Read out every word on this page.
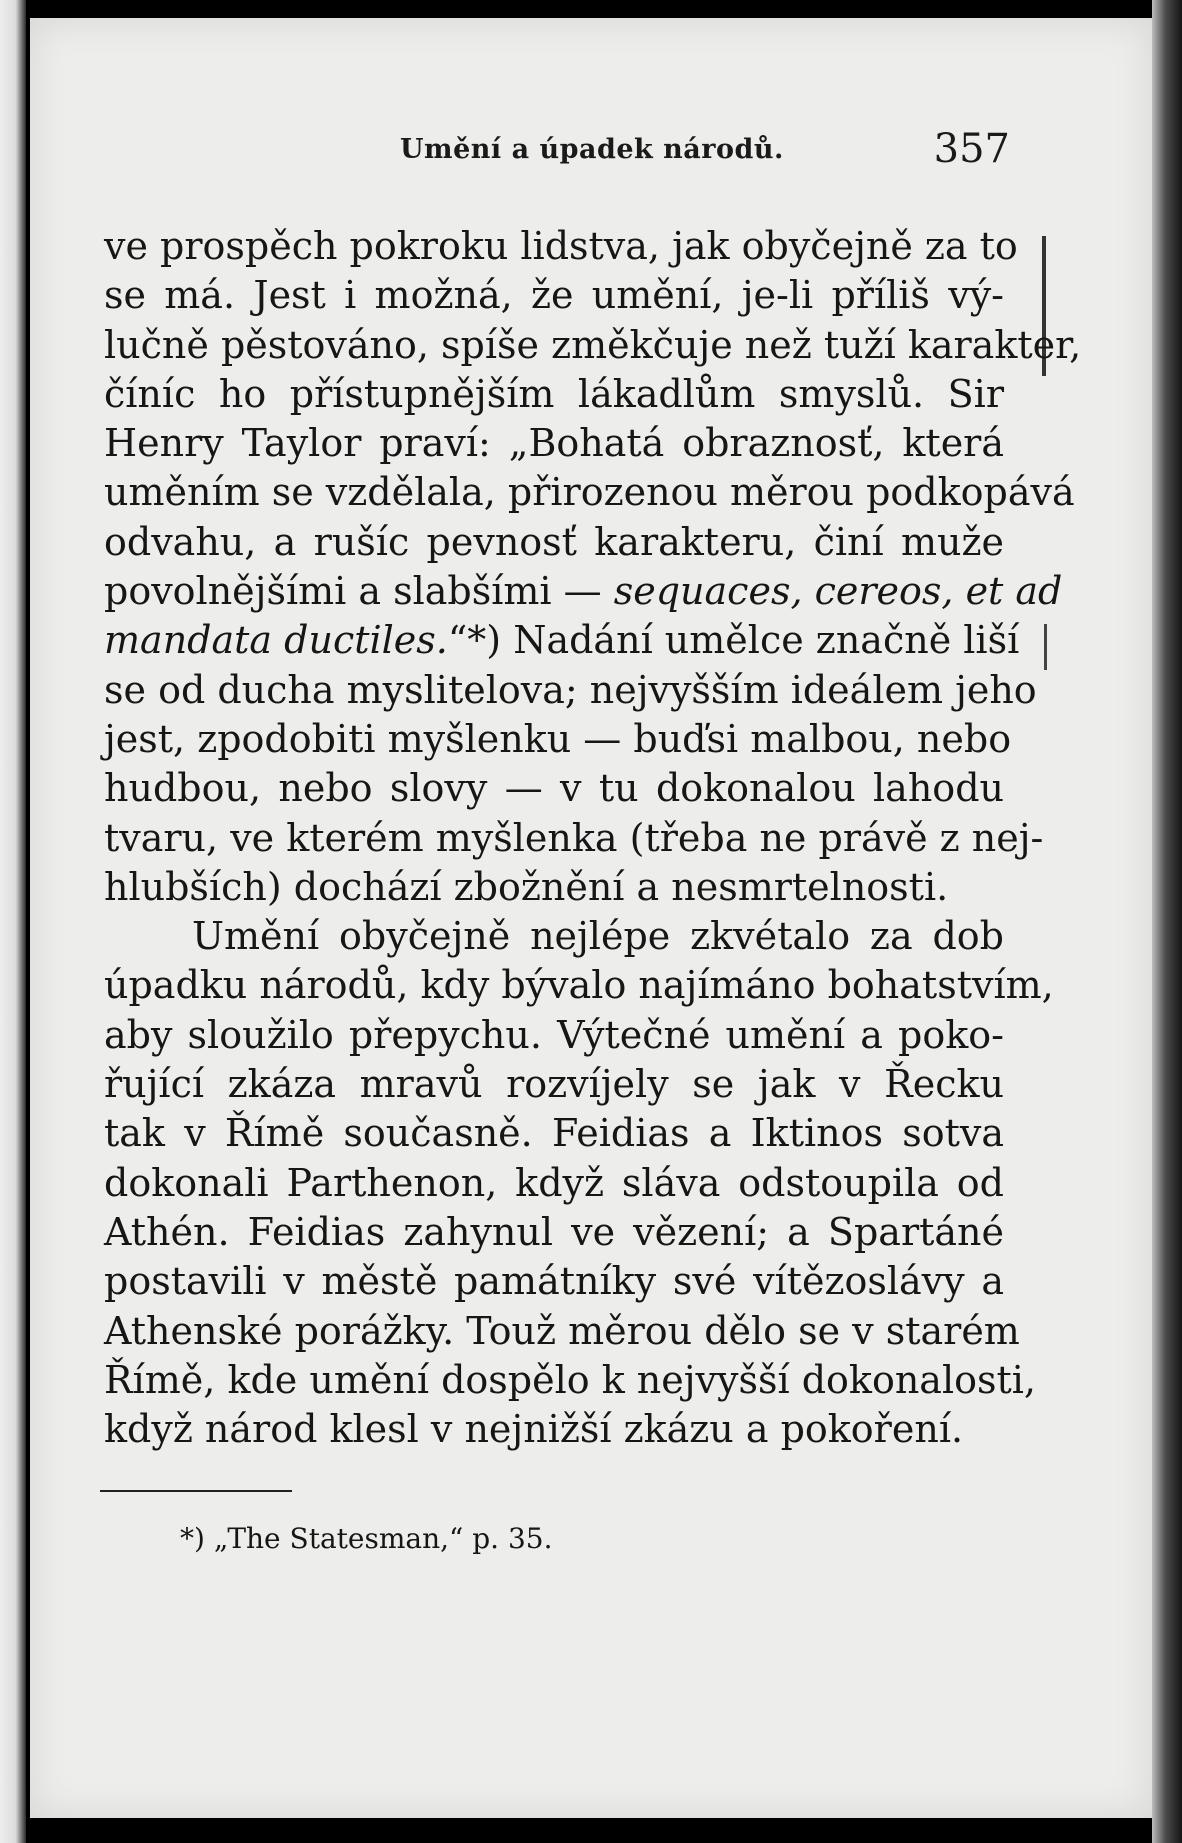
Umění a úpadek národů.	357
ve prospěch pokroku lidstva, jak obyčejně za to
se má. Jest i možná, že umění, je-li příliš vý-
lučně pěstováno, spíše změkčuje než tuží karakter,
číníc ho přístupnějším lákadlům smyslů. Sir
Henry Taylor praví: „Bohatá obraznosť, která
uměním se vzdělala, přirozenou měrou podkopává
odvahu, a rušíc pevnosť karakteru, činí muže
povolnějšími a slabšími — sequaces, cereos, et ad
mandata ductiles.“*) Nadání umělce značně liší
se od ducha myslitelova; nejvyšším ideálem jeho
jest, zpodobiti myšlenku — buďsi malbou, nebo
hudbou, nebo slovy — v tu dokonalou lahodu
tvaru, ve kterém myšlenka (třeba ne právě z nej-
hlubších) dochází zbožnění a nesmrtelnosti.
Umění obyčejně nejlépe zkvétalo za dob
úpadku národů, kdy bývalo najímáno bohatstvím,
aby sloužilo přepychu. Výtečné umění a poko-
řující zkáza mravů rozvíjely se jak v Řecku
tak v Římě současně. Feidias a Iktinos sotva
dokonali Parthenon, když sláva odstoupila od
Athén. Feidias zahynul ve vězení; a Spartáné
postavili v městě památníky své vítězoslávy a
Athenské porážky. Touž měrou dělo se v starém
Římě, kde umění dospělo k nejvyšší dokonalosti,
když národ klesl v nejnižší zkázu a pokoření.
*) „The Statesman,“ p. 35.
